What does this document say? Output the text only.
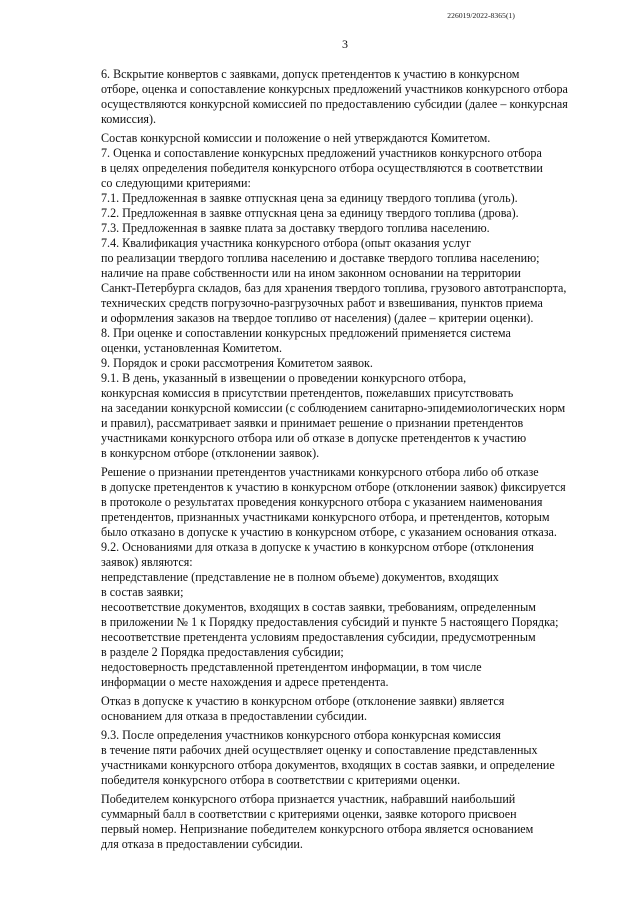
226019/2022-8365(1)
3

6. Вскрытие конвертов с заявками, допуск претендентов к участию в конкурсном
отборе, оценка и сопоставление конкурсных предложений участников конкурсного отбора
осуществляются конкурсной комиссией по предоставлению субсидии (далее – конкурсная
комиссия).

Состав конкурсной комиссии и положение о ней утверждаются Комитетом.

7. Оценка и сопоставление конкурсных предложений участников конкурсного отбора
в целях определения победителя конкурсного отбора осуществляются в соответствии
со следующими критериями:

7.1. Предложенная в заявке отпускная цена за единицу твердого топлива (уголь).

7.2. Предложенная в заявке отпускная цена за единицу твердого топлива (дрова).

7.3. Предложенная в заявке плата за доставку твердого топлива населению.

7.4. Квалификация участника конкурсного отбора (опыт оказания услуг
по реализации твердого топлива населению и доставке твердого топлива населению;
наличие на праве собственности или на ином законном основании на территории
Санкт-Петербурга складов, баз для хранения твердого топлива, грузового автотранспорта,
технических средств погрузочно-разгрузочных работ и взвешивания, пунктов приема
и оформления заказов на твердое топливо от населения) (далее – критерии оценки).

8. При оценке и сопоставлении конкурсных предложений применяется система
оценки, установленная Комитетом.

9. Порядок и сроки рассмотрения Комитетом заявок.

9.1. В день, указанный в извещении о проведении конкурсного отбора,
конкурсная комиссия в присутствии претендентов, пожелавших присутствовать
на заседании конкурсной комиссии (с соблюдением санитарно-эпидемиологических норм
и правил), рассматривает заявки и принимает решение о признании претендентов
участниками конкурсного отбора или об отказе в допуске претендентов к участию
в конкурсном отборе (отклонении заявок).

Решение о признании претендентов участниками конкурсного отбора либо об отказе
в допуске претендентов к участию в конкурсном отборе (отклонении заявок) фиксируется
в протоколе о результатах проведения конкурсного отбора с указанием наименования
претендентов, признанных участниками конкурсного отбора, и претендентов, которым
было отказано в допуске к участию в конкурсном отборе, с указанием основания отказа.

9.2. Основаниями для отказа в допуске к участию в конкурсном отборе (отклонения
заявок) являются:

непредставление (представление не в полном объеме) документов, входящих
в состав заявки;

несоответствие документов, входящих в состав заявки, требованиям, определенным
в приложении № 1 к Порядку предоставления субсидий и пункте 5 настоящего Порядка;

несоответствие претендента условиям предоставления субсидии, предусмотренным
в разделе 2 Порядка предоставления субсидии;

недостоверность представленной претендентом информации, в том числе
информации о месте нахождения и адресе претендента.

Отказ в допуске к участию в конкурсном отборе (отклонение заявки) является
основанием для отказа в предоставлении субсидии.

9.3. После определения участников конкурсного отбора конкурсная комиссия
в течение пяти рабочих дней осуществляет оценку и сопоставление представленных
участниками конкурсного отбора документов, входящих в состав заявки, и определение
победителя конкурсного отбора в соответствии с критериями оценки.

Победителем конкурсного отбора признается участник, набравший наибольший
суммарный балл в соответствии с критериями оценки, заявке которого присвоен
первый номер. Непризнание победителем конкурсного отбора является основанием
для отказа в предоставлении субсидии.
